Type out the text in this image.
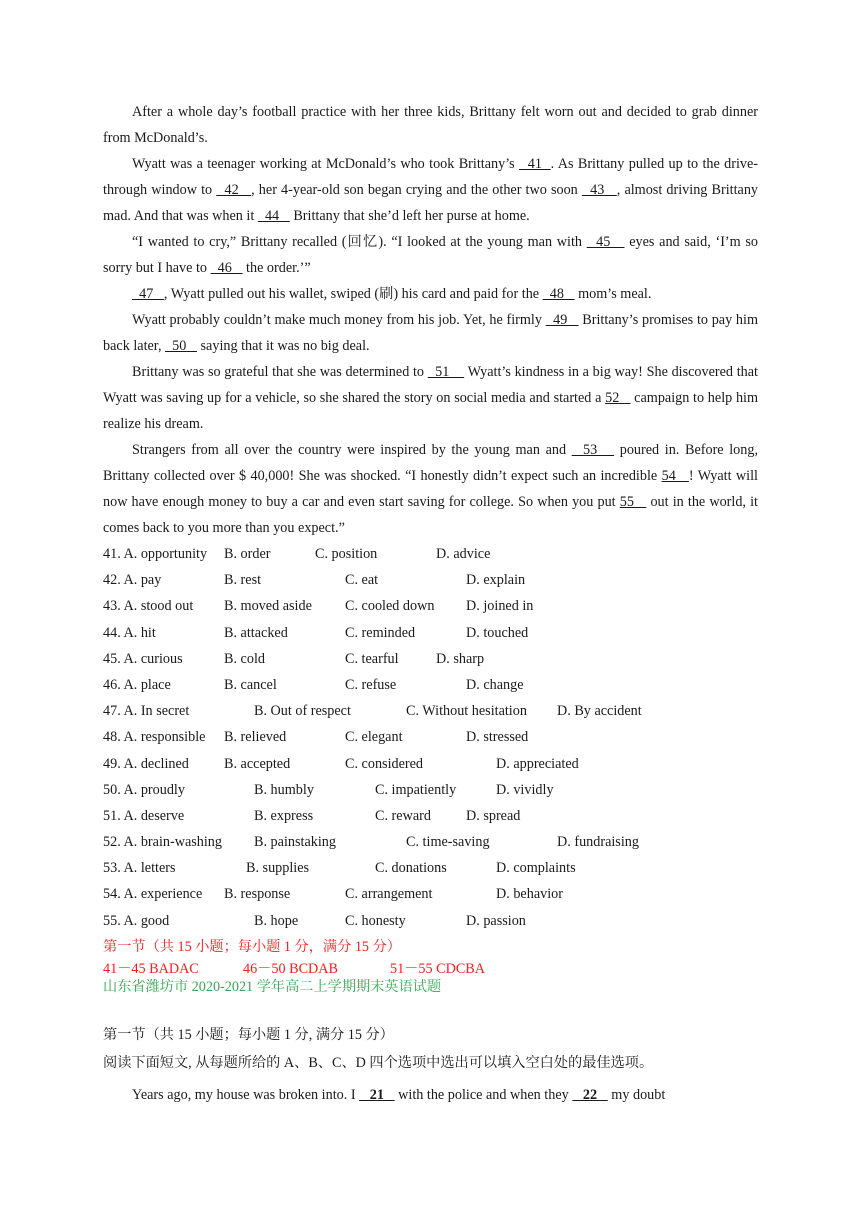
After a whole day’s football practice with her three kids, Brittany felt worn out and decided to grab dinner from McDonald’s.

Wyatt was a teenager working at McDonald’s who took Brittany’s   41  . As Brittany pulled up to the drive-through window to   42   , her 4-year-old son began crying and the other two soon   43   , almost driving Brittany mad. And that was when it   44    Brittany that she’d left her purse at home.

“I wanted to cry,” Brittany recalled (回忆). “I looked at the young man with   45    eyes and said, ‘I’m so sorry but I have to   46    the order.’”

47   , Wyatt pulled out his wallet, swiped (刷) his card and paid for the   48    mom’s meal.

Wyatt probably couldn’t make much money from his job. Yet, he firmly   49    Brittany’s promises to pay him back later,   50    saying that it was no big deal.

Brittany was so grateful that she was determined to   51     Wyatt’s kindness in a big way! She discovered that Wyatt was saving up for a vehicle, so she shared the story on social media and started a 52    campaign to help him realize his dream.

Strangers from all over the country were inspired by the young man and   53    poured in. Before long, Brittany collected over $ 40,000! She was shocked. “I honestly didn’t expect such an incredible 54   ! Wyatt will now have enough money to buy a car and even start saving for college. So when you put 55    out in the world, it comes back to you more than you expect.”

41. A. opportunity B. order	C. position	D. advice
42. A. pay	B. rest	C. eat	D. explain
43. A. stood out B. moved aside C. cooled down D. joined in
44. A. hit	B. attacked	C. reminded	D. touched
45. A. curious	B. cold	C. tearful	D. sharp
46. A. place	B. cancel	C. refuse	D. change
47. A. In secret	B. Out of respect	C. Without hesitation D. By accident
48. A. responsible B. relieved	C. elegant	D. stressed
49. A. declined B. accepted	C. considered	D. appreciated
50. A. proudly	B. humbly	C. impatiently	D. vividly
51. A. deserve	B. express	C. reward D. spread
52. A. brain-washing B. painstaking	C. time-saving	D. fundraising
53. A. letters	B. supplies	C. donations	D. complaints
54. A. experience B. response	C. arrangement	D. behavior
55. A. good	B. hope	C. honesty	D. passion
第一节（共 15 小题；每小题 1 分，满分 15 分）
41－45 BADAC	46－50 BCDAB	51－55 CDCBA
山东省潍坊市 2020-2021 学年高二上学期期末英语试题

第一节（共 15 小题；每小题 1 分, 满分 15 分）

阅读下面短文, 从每题所给的 A、B、C、D 四个选项中选出可以填入空白处的最佳选项。

Years ago, my house was broken into. I    21    with the police and when they    22    my doubt
